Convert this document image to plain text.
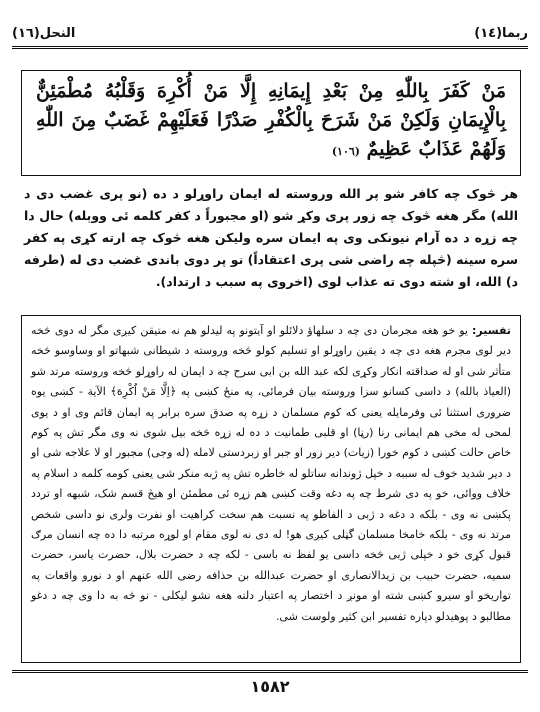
ربما(١٤)
النحل(١٦)
مَنْ كَفَرَ بِاللّٰهِ مِنْ بَعْدِ إِيمَانِهِ إِلَّا مَنْ أُكْرِهَ وَقَلْبُهُ مُطْمَئِنٌّ بِالْإِيمَانِ وَلَكِنْ مَنْ شَرَحَ بِالْكُفْرِ صَدْرًا فَعَلَيْهِمْ غَضَبٌ مِنَ اللّٰهِ وَلَهُمْ عَذَابٌ عَظِيمٌ (١٠٦)

هر څوک چه کافر شو پر الله وروسته له ایمان راوړلو د ده (نو پری غضب دی د الله) مگر هغه څوک چه زور پری وکړ شو (او مجبوراً د کفر کلمه ئی ووېله) حال دا چه زړه د ده آرام نیونکی وی په ایمان سره ولیکن هغه څوک چه ارته کړی په کفر سره سینه (څپله چه راضی شی پری اعتقاداً) نو پر دوی باندی غضب دی له (طرفه د) الله، او شته دوی ته عذاب لوی (اخروی په سبب د ارتداد).

تفسیر: یو خو هغه مجرمان دی چه د سلهاؤ دلائلو او آیتونو په لیدلو هم نه متیقن کیږی مگر له دوی څخه دیر لوی مجرم هغه دی چه د یقین راوړلو او تسلیم کولو څخه وروسته د شیطانی شبهاتو او وساوسو څخه متأثر شی او له صداقته انکار وکړی لکه عبد الله بن ابی سرح چه د ایمان له راوړلو څخه وروسته مرتد شو (العیاذ بالله) د داسی کسانو سزا وروسته بیان فرمائی، په منځ کښی په ﴿اِلَّا مَنْ اُكْرِهَ﴾ الآية - کښی یوه ضروری استثنا ئی وفرمایله یعنی که کوم مسلمان د زړه په صدق سره برابر په ایمان قائم وی او د یوی لمحی له مخی هم ایمانی رنا (رڼا) او قلبی طمانیت د ده له زړه څخه بیل شوی نه وی مگر تش په کوم خاص حالت کښی د کوم خورا (زیات) دیر زور او جبر او زبردستی لامله (له وجی) مجبور او لا علاجه شی او د دیر شدید خوف له سببه د خپل ژوندانه ساتلو له خاطره تش په ژبه منکر شی یعنی کومه کلمه د اسلام په خلاف ووائی، خو په دی شرط چه په دغه وقت کښی هم زړه ئی مطمئن او هیڅ قسم شک، شبهه او تردد پکښی نه وی - بلکه د دغه د ژبی د الفاظو په نسبت هم سخت کراهیت او نفرت ولری نو داسی شخص مرتد نه وی - بلکه خامخا مسلمان گڼلی کیږی هو! له دی نه لوی مقام او لوړه مرتبه دا ده چه انسان مرګ قبول کړی خو د خپلی ژبی څخه داسی یو لفظ نه باسی - لکه چه د حضرت بلال، حضرت یاسر، حضرت سمیه، حضرت حبیب بن زیدالانصاری او حضرت عبدالله بن حذافه رضی الله عنهم او د نورو واقعات په تواریخو او سیرو کښی شته او مونږ د اختصار په اعتبار دلته هغه نشو لیکلی - نو څه به دا وی چه د دغو مطالبو د پوهیدلو دپاره تفسیر ابن کثیر ولوست شی.
١٥٨٢
